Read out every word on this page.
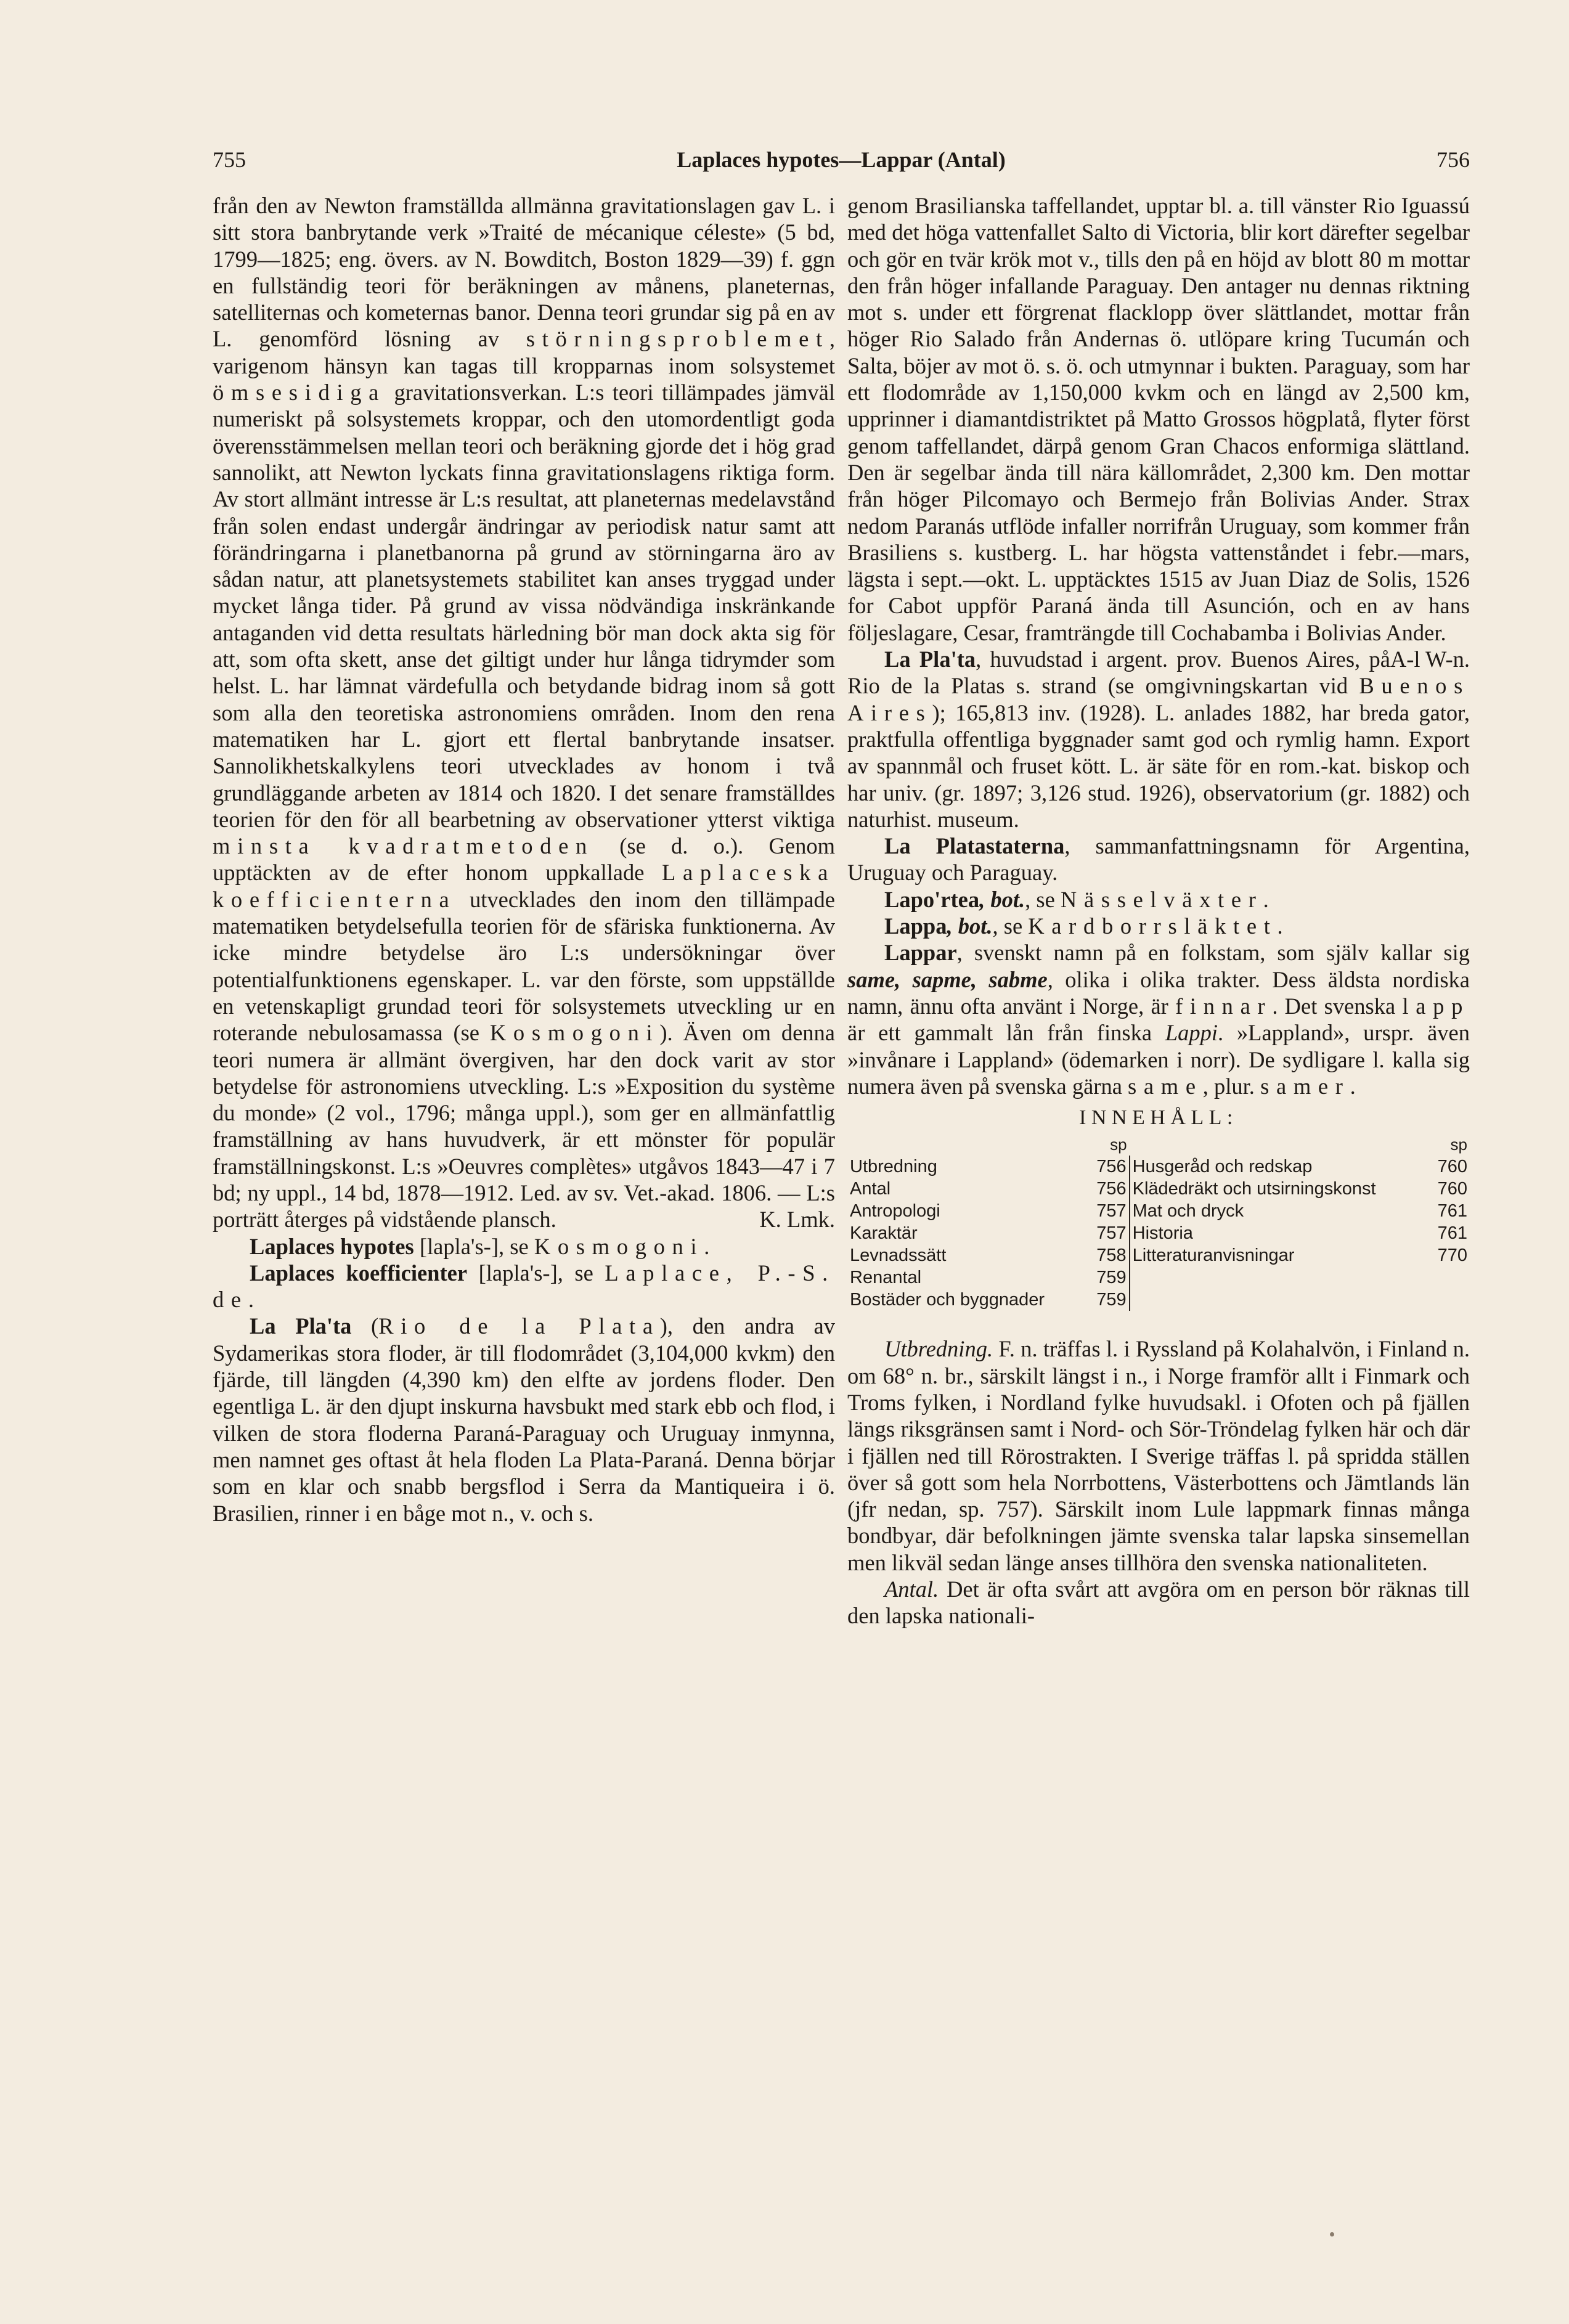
755	Laplaces hypotes—Lappar (Antal)	756

från den av Newton framställda allmänna gravitationslagen gav L. i sitt stora banbrytande verk »Traité de mécanique céleste» (5 bd, 1799—1825; eng. övers. av N. Bowditch, Boston 1829—39) f. ggn en fullständig teori för beräkningen av månens, planeternas, satelliternas och kometernas banor. Denna teori grundar sig på en av L. genomförd lösning av störningsproblemet, varigenom hänsyn kan tagas till kropparnas inom solsystemet ömsesidiga gravitationsverkan. L:s teori tillämpades jämväl numeriskt på solsystemets kroppar, och den utomordentligt goda överensstämmelsen mellan teori och beräkning gjorde det i hög grad sannolikt, att Newton lyckats finna gravitationslagens riktiga form. Av stort allmänt intresse är L:s resultat, att planeternas medelavstånd från solen endast undergår ändringar av periodisk natur samt att förändringarna i planetbanorna på grund av störningarna äro av sådan natur, att planetsystemets stabilitet kan anses tryggad under mycket långa tider. På grund av vissa nödvändiga inskränkande antaganden vid detta resultats härledning bör man dock akta sig för att, som ofta skett, anse det giltigt under hur långa tidrymder som helst. L. har lämnat värdefulla och betydande bidrag inom så gott som alla den teoretiska astronomiens områden. Inom den rena matematiken har L. gjort ett flertal banbrytande insatser. Sannolikhetskalkylens teori utvecklades av honom i två grundläggande arbeten av 1814 och 1820. I det senare framställdes teorien för den för all bearbetning av observationer ytterst viktiga minsta kvadratmetoden (se d. o.). Genom upptäckten av de efter honom uppkallade Laplaceska koefficienterna utvecklades den inom den tillämpade matematiken betydelsefulla teorien för de sfäriska funktionerna. Av icke mindre betydelse äro L:s undersökningar över potentialfunktionens egenskaper. L. var den förste, som uppställde en vetenskapligt grundad teori för solsystemets utveckling ur en roterande nebulosamassa (se Kosmogoni). Även om denna teori numera är allmänt övergiven, har den dock varit av stor betydelse för astronomiens utveckling. L:s »Exposition du système du monde» (2 vol., 1796; många uppl.), som ger en allmänfattlig framställning av hans huvudverk, är ett mönster för populär framställningskonst. L:s »Oeuvres complètes» utgåvos 1843—47 i 7 bd; ny uppl., 14 bd, 1878—1912. Led. av sv. Vet.-akad. 1806. — L:s porträtt återges på vidstående plansch.	K. Lmk.

Laplaces hypotes [lapla's-], se Kosmogoni.

Laplaces koefficienter [lapla's-], se Laplace, P.-S. de.

La Pla'ta (Rio de la Plata), den andra av Sydamerikas stora floder, är till flodområdet (3,104,000 kvkm) den fjärde, till längden (4,390 km) den elfte av jordens floder. Den egentliga L. är den djupt inskurna havsbukt med stark ebb och flod, i vilken de stora floderna Paraná-Paraguay och Uruguay inmynna, men namnet ges oftast åt hela floden La Plata-Paraná. Denna börjar som en klar och snabb bergsflod i Serra da Mantiqueira i ö. Brasilien, rinner i en båge mot n., v. och s.

genom Brasilianska taffellandet, upptar bl. a. till vänster Rio Iguassú med det höga vattenfallet Salto di Victoria, blir kort därefter segelbar och gör en tvär krök mot v., tills den på en höjd av blott 80 m mottar den från höger infallande Paraguay. Den antager nu dennas riktning mot s. under ett förgrenat flacklopp över slättlandet, mottar från höger Rio Salado från Andernas ö. utlöpare kring Tucumán och Salta, böjer av mot ö. s. ö. och utmynnar i bukten. Paraguay, som har ett flodområde av 1,150,000 kvkm och en längd av 2,500 km, upprinner i diamantdistriktet på Matto Grossos högplatå, flyter först genom taffellandet, därpå genom Gran Chacos enformiga slättland. Den är segelbar ända till nära källområdet, 2,300 km. Den mottar från höger Pilcomayo och Bermejo från Bolivias Ander. Strax nedom Paranás utflöde infaller norrifrån Uruguay, som kommer från Brasiliens s. kustberg. L. har högsta vattenståndet i febr.—mars, lägsta i sept.—okt. L. upptäcktes 1515 av Juan Diaz de Solis, 1526 for Cabot uppför Paraná ända till Asunción, och en av hans följeslagare, Cesar, framträngde till Cochabamba i Bolivias Ander.
A-l W-n.

La Pla'ta, huvudstad i argent. prov. Buenos Aires, på Rio de la Platas s. strand (se omgivningskartan vid Buenos Aires); 165,813 inv. (1928). L. anlades 1882, har breda gator, praktfulla offentliga byggnader samt god och rymlig hamn. Export av spannmål och fruset kött. L. är säte för en rom.-kat. biskop och har univ. (gr. 1897; 3,126 stud. 1926), observatorium (gr. 1882) och naturhist. museum.

La Platastaterna, sammanfattningsnamn för Argentina, Uruguay och Paraguay.

Lapo'rtea, bot., se Nässelväxter.

Lappa, bot., se Kardborrsläktet.

Lappar, svenskt namn på en folkstam, som själv kallar sig same, sapme, sabme, olika i olika trakter. Dess äldsta nordiska namn, ännu ofta använt i Norge, är finnar. Det svenska lapp är ett gammalt lån från finska Lappi. »Lappland», urspr. även »invånare i Lappland» (ödemarken i norr). De sydligare l. kalla sig numera även på svenska gärna same, plur. samer.

INNEHÅLL:
	sp		sp
Utbredning	756	Husgeråd och redskap	760
Antal	756	Klädedräkt och utsirningskonst	760
Antropologi	757	Mat och dryck	761
Karaktär	757	Historia	761
Levnadssätt	758	Litteraturanvisningar	770
Renantal	759		
Bostäder och byggnader	759		

Utbredning. F. n. träffas l. i Ryssland på Kolahalvön, i Finland n. om 68° n. br., särskilt längst i n., i Norge framför allt i Finmark och Troms fylken, i Nordland fylke huvudsakl. i Ofoten och på fjällen längs riksgränsen samt i Nord- och Sör-Tröndelag fylken här och där i fjällen ned till Rörostrakten. I Sverige träffas l. på spridda ställen över så gott som hela Norrbottens, Västerbottens och Jämtlands län (jfr nedan, sp. 757). Särskilt inom Lule lappmark finnas många bondbyar, där befolkningen jämte svenska talar lapska sinsemellan men likväl sedan länge anses tillhöra den svenska nationaliteten.

Antal. Det är ofta svårt att avgöra om en person bör räknas till den lapska nationali-
